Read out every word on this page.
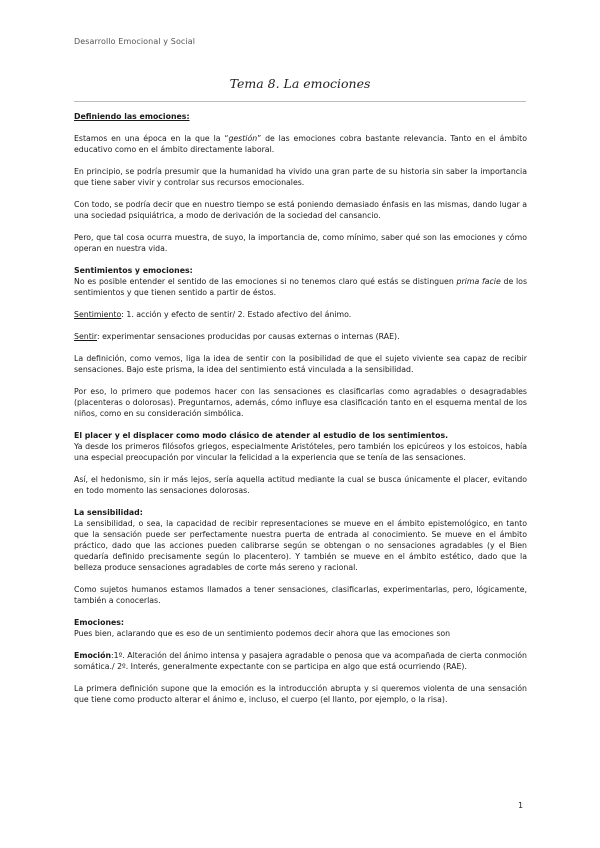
Desarrollo Emocional y Social
Tema 8. La emociones
Definiendo las emociones:

Estamos en una época en la que la “gestión” de las emociones cobra bastante relevancia. Tanto en el ámbito educativo como en el ámbito directamente laboral.

En principio, se podría presumir que la humanidad ha vivido una gran parte de su historia sin saber la importancia que tiene saber vivir y controlar sus recursos emocionales.

Con todo, se podría decir que en nuestro tiempo se está poniendo demasiado énfasis en las mismas, dando lugar a una sociedad psiquiátrica, a modo de derivación de la sociedad del cansancio.

Pero, que tal cosa ocurra muestra, de suyo, la importancia de, como mínimo, saber qué son las emociones y cómo operan en nuestra vida.

Sentimientos y emociones:

No es posible entender el sentido de las emociones si no tenemos claro qué estás se distinguen prima facie de los sentimientos y que tienen sentido a partir de éstos.

Sentimiento: 1. acción y efecto de sentir/ 2. Estado afectivo del ánimo.

Sentir: experimentar sensaciones producidas por causas externas o internas (RAE).

La definición, como vemos, liga la idea de sentir con la posibilidad de que el sujeto viviente sea capaz de recibir sensaciones. Bajo este prisma, la idea del sentimiento está vinculada a la sensibilidad.

Por eso, lo primero que podemos hacer con las sensaciones es clasificarlas como agradables o desagradables (placenteras o dolorosas). Preguntarnos, además, cómo influye esa clasificación tanto en el esquema mental de los niños, como en su consideración simbólica.

El placer y el displacer como modo clásico de atender al estudio de los sentimientos.

Ya desde los primeros filósofos griegos, especialmente Aristóteles, pero también los epicúreos y los estoicos, había una especial preocupación por vincular la felicidad a la experiencia que se tenía de las sensaciones.

Así, el hedonismo, sin ir más lejos, sería aquella actitud mediante la cual se busca únicamente el placer, evitando en todo momento las sensaciones dolorosas.

La sensibilidad:

La sensibilidad, o sea, la capacidad de recibir representaciones se mueve en el ámbito epistemológico, en tanto que la sensación puede ser perfectamente nuestra puerta de entrada al conocimiento. Se mueve en el ámbito práctico, dado que las acciones pueden calibrarse según se obtengan o no sensaciones agradables (y el Bien quedaría definido precisamente según lo placentero). Y también se mueve en el ámbito estético, dado que la belleza produce sensaciones agradables de corte más sereno y racional.

Como sujetos humanos estamos llamados a tener sensaciones, clasificarlas, experimentarlas, pero, lógicamente, también a conocerlas.

Emociones:

Pues bien, aclarando que es eso de un sentimiento podemos decir ahora que las emociones son

Emoción:1º. Alteración del ánimo intensa y pasajera agradable o penosa que va acompañada de cierta conmoción somática./ 2º. Interés, generalmente expectante con se participa en algo que está ocurriendo (RAE).

La primera definición supone que la emoción es la introducción abrupta y si queremos violenta de una sensación que tiene como producto alterar el ánimo e, incluso, el cuerpo (el llanto, por ejemplo, o la risa).

1
